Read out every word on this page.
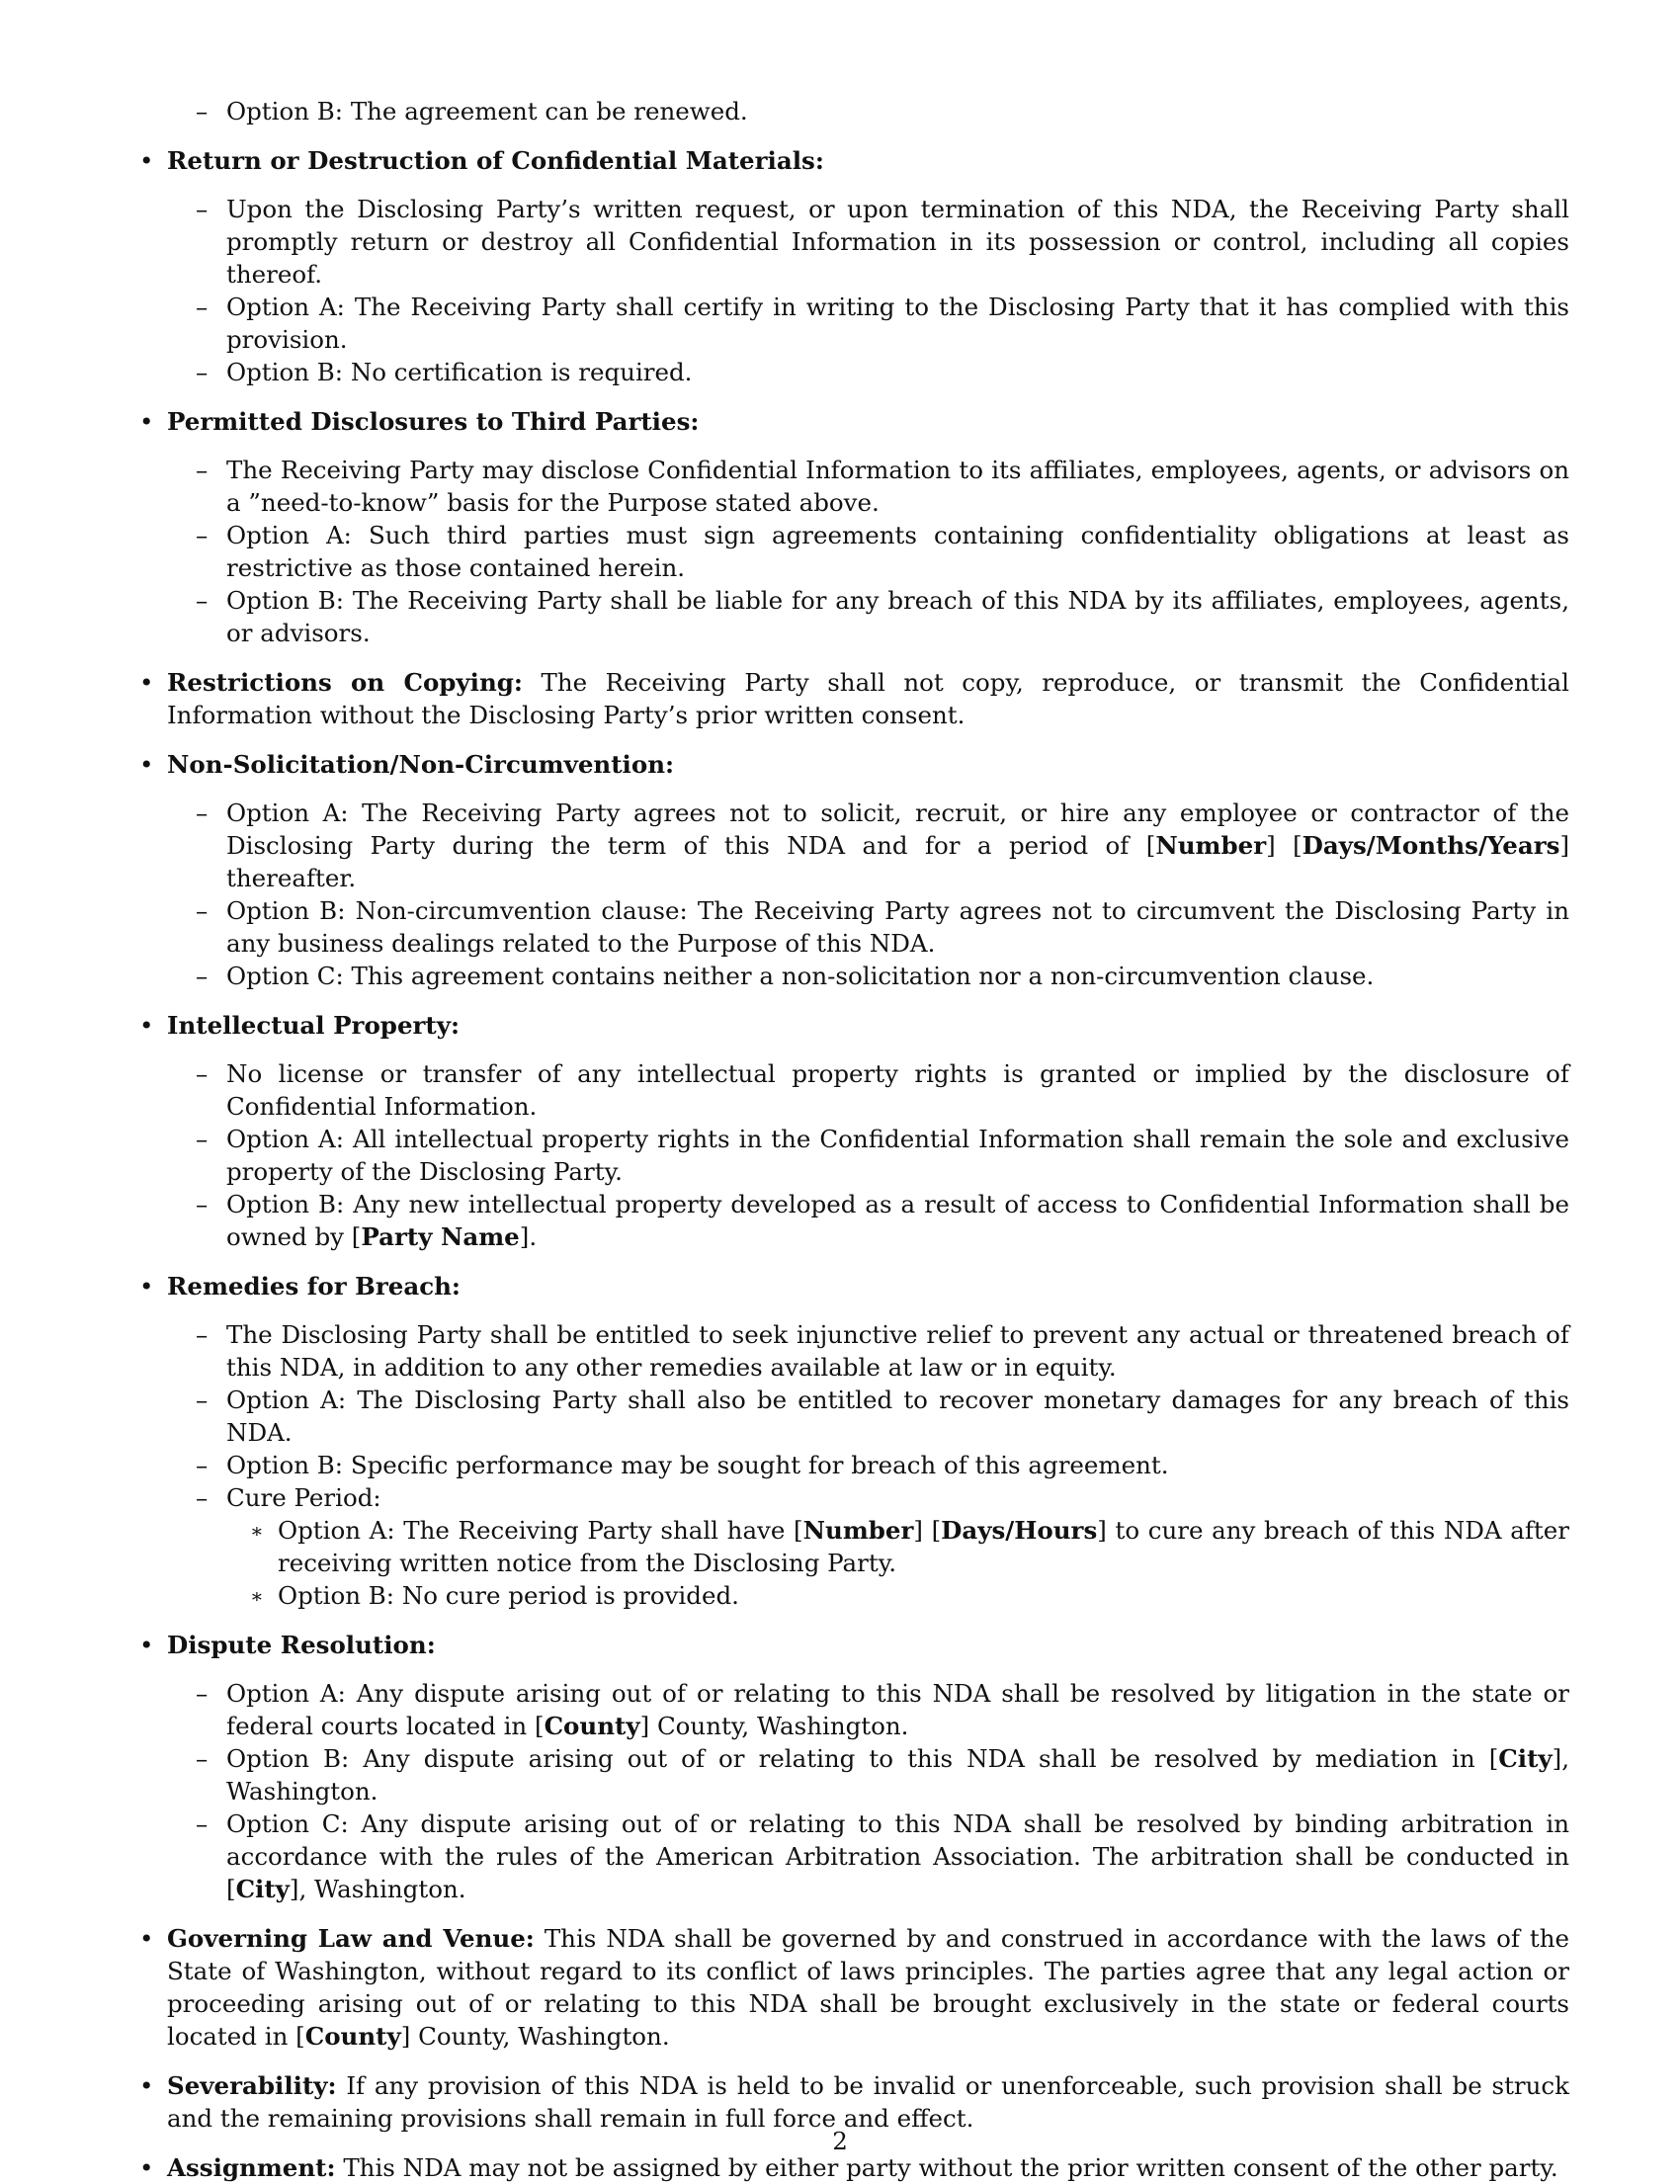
– Option B: The agreement can be renewed.
• Return or Destruction of Confidential Materials:
– Upon the Disclosing Party’s written request, or upon termination of this NDA, the Receiving Party shall promptly return or destroy all Confidential Information in its possession or control, including all copies thereof.
– Option A: The Receiving Party shall certify in writing to the Disclosing Party that it has complied with this provision.
– Option B: No certification is required.
• Permitted Disclosures to Third Parties:
– The Receiving Party may disclose Confidential Information to its affiliates, employees, agents, or advisors on a ”need-to-know” basis for the Purpose stated above.
– Option A: Such third parties must sign agreements containing confidentiality obligations at least as restrictive as those contained herein.
– Option B: The Receiving Party shall be liable for any breach of this NDA by its affiliates, employees, agents, or advisors.
• Restrictions on Copying: The Receiving Party shall not copy, reproduce, or transmit the Confidential Information without the Disclosing Party’s prior written consent.
• Non-Solicitation/Non-Circumvention:
– Option A: The Receiving Party agrees not to solicit, recruit, or hire any employee or contractor of the Disclosing Party during the term of this NDA and for a period of [Number] [Days/Months/Years] thereafter.
– Option B: Non-circumvention clause: The Receiving Party agrees not to circumvent the Disclosing Party in any business dealings related to the Purpose of this NDA.
– Option C: This agreement contains neither a non-solicitation nor a non-circumvention clause.
• Intellectual Property:
– No license or transfer of any intellectual property rights is granted or implied by the disclosure of Confidential Information.
– Option A: All intellectual property rights in the Confidential Information shall remain the sole and exclusive property of the Disclosing Party.
– Option B: Any new intellectual property developed as a result of access to Confidential Information shall be owned by [Party Name].
• Remedies for Breach:
– The Disclosing Party shall be entitled to seek injunctive relief to prevent any actual or threatened breach of this NDA, in addition to any other remedies available at law or in equity.
– Option A: The Disclosing Party shall also be entitled to recover monetary damages for any breach of this NDA.
– Option B: Specific performance may be sought for breach of this agreement.
– Cure Period:
∗ Option A: The Receiving Party shall have [Number] [Days/Hours] to cure any breach of this NDA after receiving written notice from the Disclosing Party.
∗ Option B: No cure period is provided.
• Dispute Resolution:
– Option A: Any dispute arising out of or relating to this NDA shall be resolved by litigation in the state or federal courts located in [County] County, Washington.
– Option B: Any dispute arising out of or relating to this NDA shall be resolved by mediation in [City], Washington.
– Option C: Any dispute arising out of or relating to this NDA shall be resolved by binding arbitration in accordance with the rules of the American Arbitration Association. The arbitration shall be conducted in [City], Washington.
• Governing Law and Venue: This NDA shall be governed by and construed in accordance with the laws of the State of Washington, without regard to its conflict of laws principles. The parties agree that any legal action or proceeding arising out of or relating to this NDA shall be brought exclusively in the state or federal courts located in [County] County, Washington.
• Severability: If any provision of this NDA is held to be invalid or unenforceable, such provision shall be struck and the remaining provisions shall remain in full force and effect.
• Assignment: This NDA may not be assigned by either party without the prior written consent of the other party.
2
